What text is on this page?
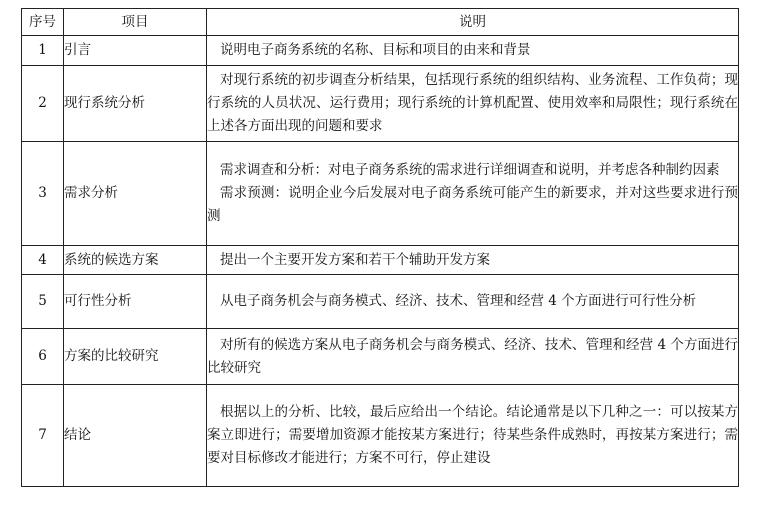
序号	项目	说明
1	引言	说明电子商务系统的名称、目标和项目的由来和背景

2	现行系统分析	对现行系统的初步调查分析结果，包括现行系统的组织结构、业务流程、工作负荷；现行系统的人员状况、运行费用；现行系统的计算机配置、使用效率和局限性；现行系统在上述各方面出现的问题和要求

3	需求分析	需求调查和分析：对电子商务系统的需求进行详细调查和说明，并考虑各种制约因素
需求预测：说明企业今后发展对电子商务系统可能产生的新要求，并对这些要求进行预测

4	系统的候选方案	提出一个主要开发方案和若干个辅助开发方案

5	可行性分析	从电子商务机会与商务模式、经济、技术、管理和经营 4 个方面进行可行性分析

6	方案的比较研究	对所有的候选方案从电子商务机会与商务模式、经济、技术、管理和经营 4 个方面进行比较研究

7	结论	根据以上的分析、比较，最后应给出一个结论。结论通常是以下几种之一：可以按某方案立即进行；需要增加资源才能按某方案进行；待某些条件成熟时，再按某方案进行；需要对目标修改才能进行；方案不可行，停止建设
